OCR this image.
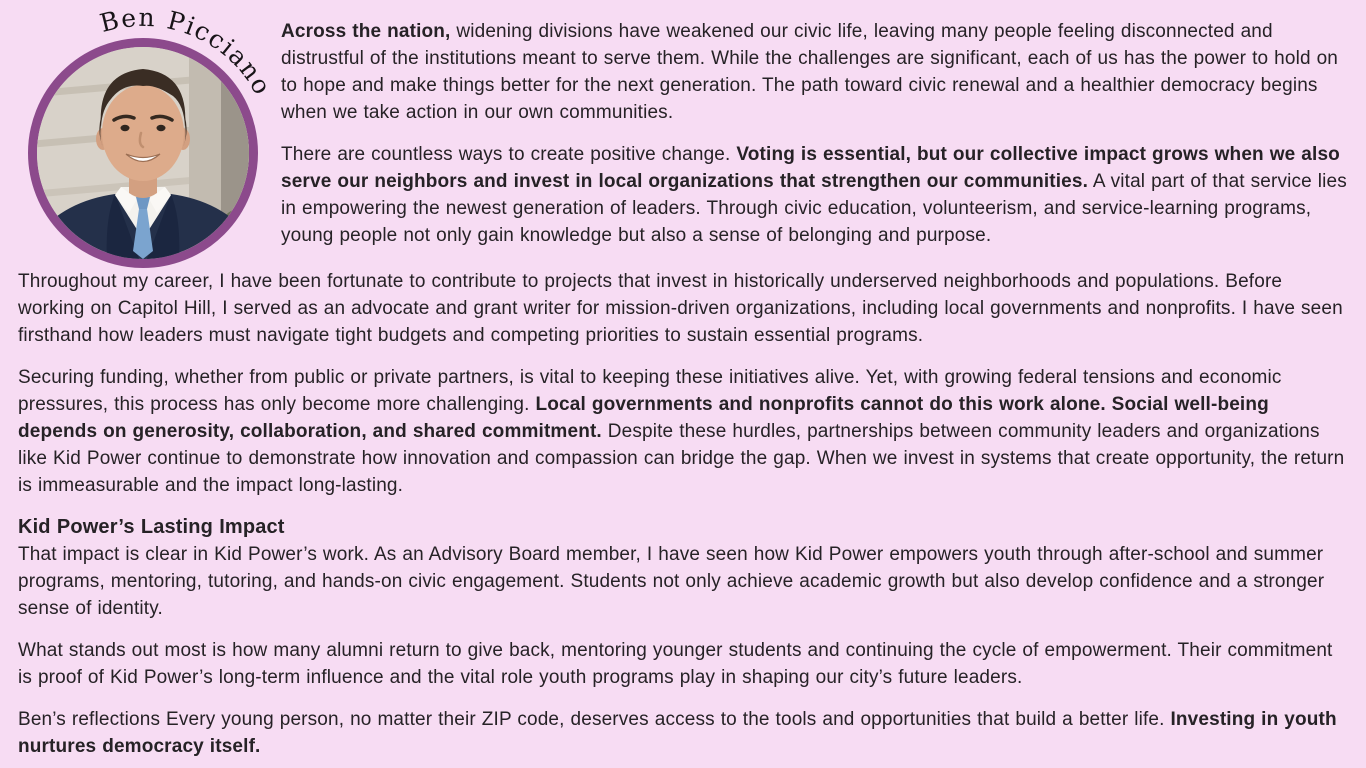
Ben Picciano

Across the nation, widening divisions have weakened our civic life, leaving many people feeling disconnected and distrustful of the institutions meant to serve them. While the challenges are significant, each of us has the power to hold on to hope and make things better for the next generation. The path toward civic renewal and a healthier democracy begins when we take action in our own communities.

There are countless ways to create positive change. Voting is essential, but our collective impact grows when we also serve our neighbors and invest in local organizations that strengthen our communities. A vital part of that service lies in empowering the newest generation of leaders. Through civic education, volunteerism, and service-learning programs, young people not only gain knowledge but also a sense of belonging and purpose.

Throughout my career, I have been fortunate to contribute to projects that invest in historically underserved neighborhoods and populations. Before working on Capitol Hill, I served as an advocate and grant writer for mission-driven organizations, including local governments and nonprofits. I have seen firsthand how leaders must navigate tight budgets and competing priorities to sustain essential programs.

Securing funding, whether from public or private partners, is vital to keeping these initiatives alive. Yet, with growing federal tensions and economic pressures, this process has only become more challenging. Local governments and nonprofits cannot do this work alone. Social well-being depends on generosity, collaboration, and shared commitment. Despite these hurdles, partnerships between community leaders and organizations like Kid Power continue to demonstrate how innovation and compassion can bridge the gap. When we invest in systems that create opportunity, the return is immeasurable and the impact long-lasting.

Kid Power’s Lasting Impact

That impact is clear in Kid Power’s work. As an Advisory Board member, I have seen how Kid Power empowers youth through after-school and summer programs, mentoring, tutoring, and hands-on civic engagement. Students not only achieve academic growth but also develop confidence and a stronger sense of identity.

What stands out most is how many alumni return to give back, mentoring younger students and continuing the cycle of empowerment. Their commitment is proof of Kid Power’s long-term influence and the vital role youth programs play in shaping our city’s future leaders.

Ben’s reflections Every young person, no matter their ZIP code, deserves access to the tools and opportunities that build a better life. Investing in youth nurtures democracy itself.
